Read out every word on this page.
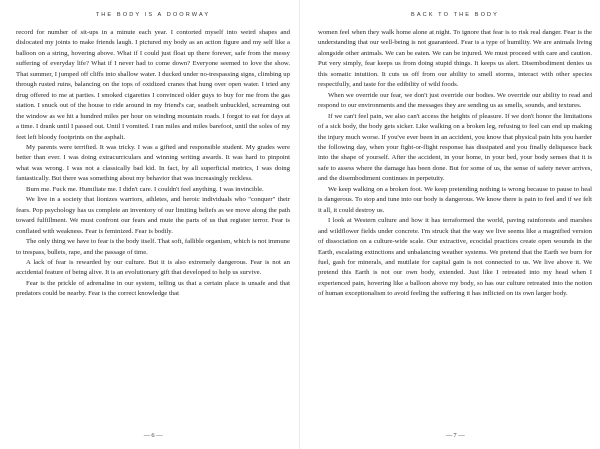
THE BODY IS A DOORWAY

record for number of sit-ups in a minute each year. I contorted myself into weird shapes and dislocated my joints to make friends laugh. I pictured my body as an action figure and my self like a balloon on a string, hovering above. What if I could just float up there forever, safe from the messy suffering of everyday life? What if I never had to come down? Everyone seemed to love the show. That summer, I jumped off cliffs into shallow water. I ducked under no-trespassing signs, climbing up through rusted ruins, balancing on the tops of oxidized cranes that hung over open water. I tried any drug offered to me at parties. I smoked cigarettes I convinced older guys to buy for me from the gas station. I snuck out of the house to ride around in my friend's car, seatbelt unbuckled, screaming out the window as we hit a hundred miles per hour on winding mountain roads. I forgot to eat for days at a time. I drank until I passed out. Until I vomited. I ran miles and miles barefoot, until the soles of my feet left bloody footprints on the asphalt.

My parents were terrified. It was tricky. I was a gifted and responsible student. My grades were better than ever. I was doing extracurriculars and winning writing awards. It was hard to pinpoint what was wrong. I was not a classically bad kid. In fact, by all superficial metrics, I was doing fantastically. But there was something about my behavior that was increasingly reckless.

Burn me. Fuck me. Humiliate me. I didn't care. I couldn't feel anything. I was invincible.

We live in a society that lionizes warriors, athletes, and heroic individuals who "conquer" their fears. Pop psychology has us complete an inventory of our limiting beliefs as we move along the path toward fulfillment. We must confront our fears and mute the parts of us that register terror. Fear is conflated with weakness. Fear is feminized. Fear is bodily.

The only thing we have to fear is the body itself. That soft, fallible organism, which is not immune to trespass, bullets, rape, and the passage of time.

A lack of fear is rewarded by our culture. But it is also extremely dangerous. Fear is not an accidental feature of being alive. It is an evolutionary gift that developed to help us survive.

Fear is the prickle of adrenaline in our system, telling us that a certain place is unsafe and that predators could be nearby. Fear is the correct knowledge that

— 6 —
BACK TO THE BODY

women feel when they walk home alone at night. To ignore that fear is to risk real danger. Fear is the understanding that our well-being is not guaranteed. Fear is a type of humility. We are animals living alongside other animals. We can be eaten. We can be injured. We must proceed with care and caution. Put very simply, fear keeps us from doing stupid things. It keeps us alert. Disembodiment denies us this somatic intuition. It cuts us off from our ability to smell storms, interact with other species respectfully, and taste for the edibility of wild foods.

When we override our fear, we don't just override our bodies. We override our ability to read and respond to our environments and the messages they are sending us as smells, sounds, and textures.

If we can't feel pain, we also can't access the heights of pleasure. If we don't honor the limitations of a sick body, the body gets sicker. Like walking on a broken leg, refusing to feel can end up making the injury much worse. If you've ever been in an accident, you know that physical pain hits you harder the following day, when your fight-or-flight response has dissipated and you finally deliquesce back into the shape of yourself. After the accident, in your home, in your bed, your body senses that it is safe to assess where the damage has been done. But for some of us, the sense of safety never arrives, and the disembodiment continues in perpetuity.

We keep walking on a broken foot. We keep pretending nothing is wrong because to pause to heal is dangerous. To stop and tune into our body is dangerous. We know there is pain to feel and if we felt it all, it could destroy us.

I look at Western culture and how it has terraformed the world, paving rainforests and marshes and wildflower fields under concrete. I'm struck that the way we live seems like a magnified version of dissociation on a culture-wide scale. Our extractive, ecocidal practices create open wounds in the Earth, escalating extinctions and unbalancing weather systems. We pretend that the Earth we burn for fuel, gash for minerals, and mutilate for capital gain is not connected to us. We live above it. We pretend this Earth is not our own body, extended. Just like I retreated into my head when I experienced pain, hovering like a balloon above my body, so has our culture retreated into the notion of human exceptionalism to avoid feeling the suffering it has inflicted on its own larger body.

— 7 —
